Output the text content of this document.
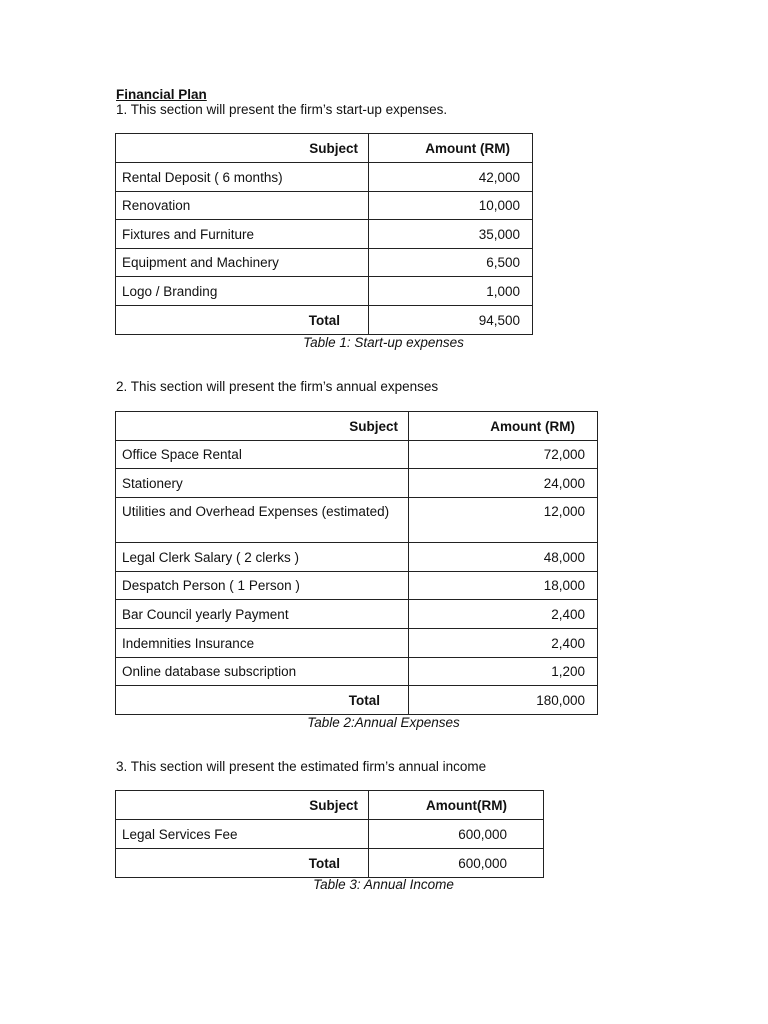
Financial Plan
1. This section will present the firm’s start-up expenses.
Subject	Amount (RM)
Rental Deposit ( 6 months)	42,000
Renovation	10,000
Fixtures and Furniture	35,000
Equipment and Machinery	6,500
Logo / Branding	1,000
Total	94,500
Table 1: Start-up expenses
2. This section will present the firm’s annual expenses
Subject	Amount (RM)
Office Space Rental	72,000
Stationery	24,000
Utilities and Overhead Expenses (estimated)	12,000
Legal Clerk Salary ( 2 clerks )	48,000
Despatch Person ( 1 Person )	18,000
Bar Council yearly Payment	2,400
Indemnities Insurance	2,400
Online database subscription	1,200
Total	180,000
Table 2:Annual Expenses
3. This section will present the estimated firm’s annual income
Subject	Amount(RM)
Legal Services Fee	600,000
Total	600,000
Table 3: Annual Income
